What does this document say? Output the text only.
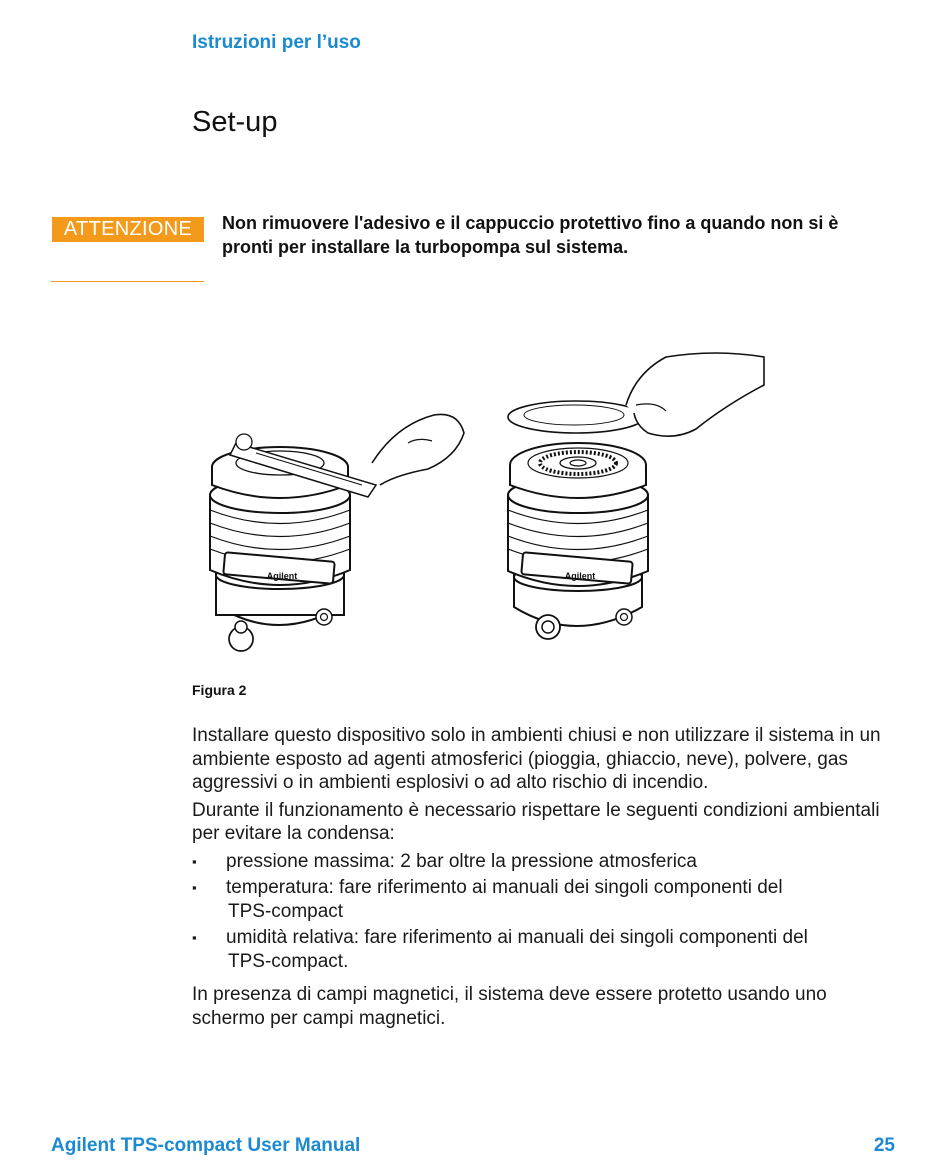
Istruzioni per l’uso
Set-up
ATTENZIONE	Non rimuovere l'adesivo e il cappuccio protettivo fino a quando non si è pronti per installare la turbopompa sul sistema.
Agilent	Agilent
Figura 2

Installare questo dispositivo solo in ambienti chiusi e non utilizzare il sistema in un ambiente esposto ad agenti atmosferici (pioggia, ghiaccio, neve), polvere, gas aggressivi o in ambienti esplosivi o ad alto rischio di incendio.

Durante il funzionamento è necessario rispettare le seguenti condizioni ambientali per evitare la condensa:

▪ pressione massima: 2 bar oltre la pressione atmosferica
▪ temperatura: fare riferimento ai manuali dei singoli componenti del
TPS-compact
▪ umidità relativa: fare riferimento ai manuali dei singoli componenti del
TPS-compact.

In presenza di campi magnetici, il sistema deve essere protetto usando uno schermo per campi magnetici.

Agilent TPS-compact User Manual	25
